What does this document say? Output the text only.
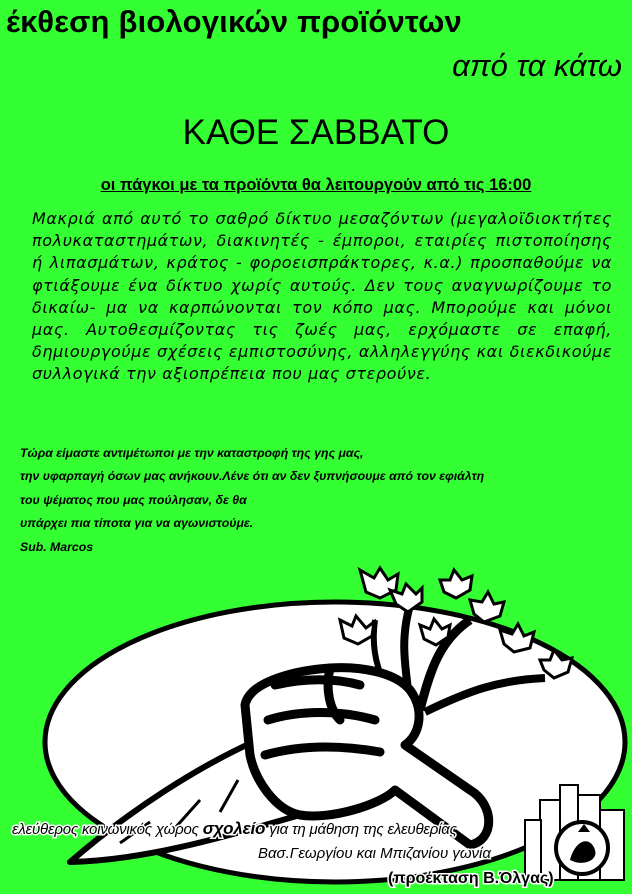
έκθεση βιολογικών προϊόντων
από τα κάτω
ΚΑΘΕ ΣΑΒΒΑΤΟ
οι πάγκοι με τα προϊόντα θα λειτουργούν από τις 16:00
Μακριά από αυτό το σαθρό δίκτυο μεσαζόντων (μεγαλοϊδιοκτήτες πολυκαταστημάτων, διακινητές - έμποροι, εταιρίες πιστοποίησης ή λιπασμάτων, κράτος - φοροεισπράκτορες, κ.α.) προσπαθούμε να φτιάξουμε ένα δίκτυο χωρίς αυτούς. Δεν τους αναγνωρίζουμε το δικαίω- μα να καρπώνονται τον κόπο μας. Μπορούμε και μόνοι μας. Αυτοθεσμίζοντας τις ζωές μας, ερχόμαστε σε επαφή, δημιουργούμε σχέσεις εμπιστοσύνης, αλληλεγγύης και διεκδικούμε συλλογικά την αξιοπρέπεια που μας στερούνε.
Τώρα είμαστε αντιμέτωποι με την καταστροφή της γης μας,
την υφαρπαγή όσων μας ανήκουν.Λένε ότι αν δεν ξυπνήσουμε από τον εφιάλτη
του ψέματος που μας πούλησαν, δε θα
υπάρχει πια τίποτα για να αγωνιστούμε.
Sub. Marcos
ελεύθερος κοινωνικός χώρος σχολείο για τη μάθηση της ελευθερίας
Βασ.Γεωργίου και Μπιζανίου γωνία
(προέκταση Β.Όλγας)
